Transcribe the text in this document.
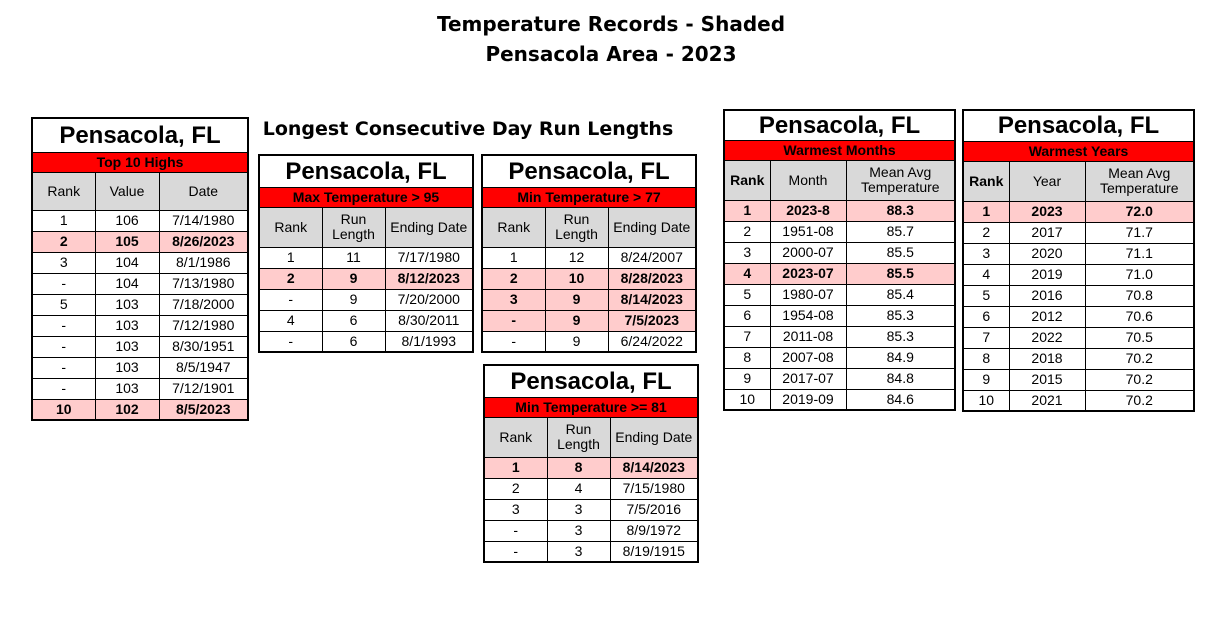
Temperature Records - Shaded
Pensacola Area - 2023
Longest Consecutive Day Run Lengths
Pensacola, FL		
Top 10 Highs		
Rank	Value	Date
1	106	7/14/1980
2	105	8/26/2023
3	104	8/1/1986
-	104	7/13/1980
5	103	7/18/2000
-	103	7/12/1980
-	103	8/30/1951
-	103	8/5/1947
-	103	7/12/1901
10	102	8/5/2023
Pensacola, FL		
Max Temperature > 95		
Rank	Run Length	Ending Date
1	11	7/17/1980
2	9	8/12/2023
-	9	7/20/2000
4	6	8/30/2011
-	6	8/1/1993
Pensacola, FL		
Min Temperature > 77		
Rank	Run Length	Ending Date
1	12	8/24/2007
2	10	8/28/2023
3	9	8/14/2023
-	9	7/5/2023
-	9	6/24/2022
Pensacola, FL		
Min Temperature >= 81		
Rank	Run Length	Ending Date
1	8	8/14/2023
2	4	7/15/1980
3	3	7/5/2016
-	3	8/9/1972
-	3	8/19/1915
Pensacola, FL		
Warmest Months		
Rank	Month	Mean Avg Temperature
1	2023-8	88.3
2	1951-08	85.7
3	2000-07	85.5
4	2023-07	85.5
5	1980-07	85.4
6	1954-08	85.3
7	2011-08	85.3
8	2007-08	84.9
9	2017-07	84.8
10	2019-09	84.6
Pensacola, FL		
Warmest Years		
Rank	Year	Mean Avg Temperature
1	2023	72.0
2	2017	71.7
3	2020	71.1
4	2019	71.0
5	2016	70.8
6	2012	70.6
7	2022	70.5
8	2018	70.2
9	2015	70.2
10	2021	70.2
